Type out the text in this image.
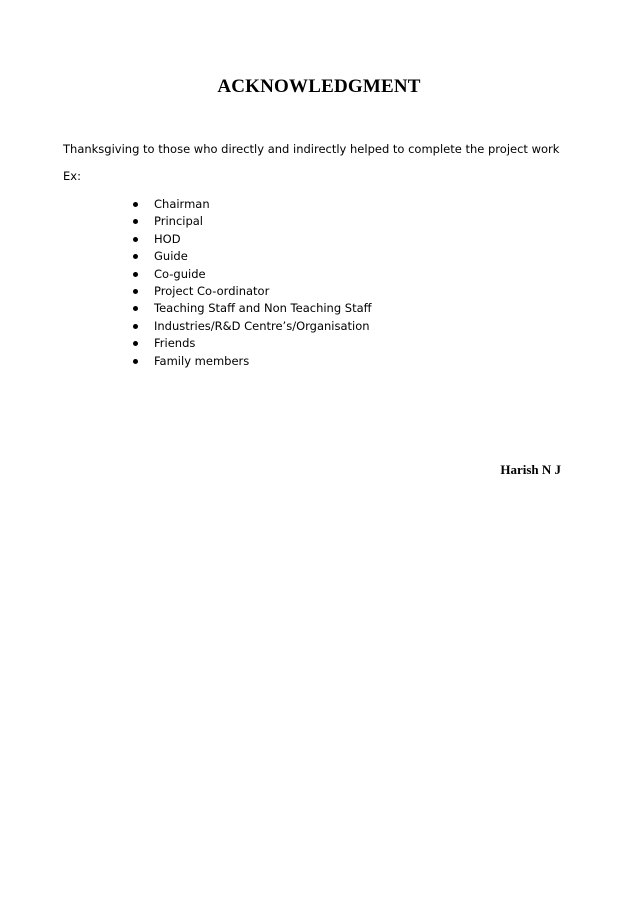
ACKNOWLEDGMENT
Thanksgiving to those who directly and indirectly helped to complete the project work
Ex:
Chairman
Principal
HOD
Guide
Co-guide
Project Co-ordinator
Teaching Staff and Non Teaching Staff
Industries/R&D Centre’s/Organisation
Friends
Family members
Harish N J
